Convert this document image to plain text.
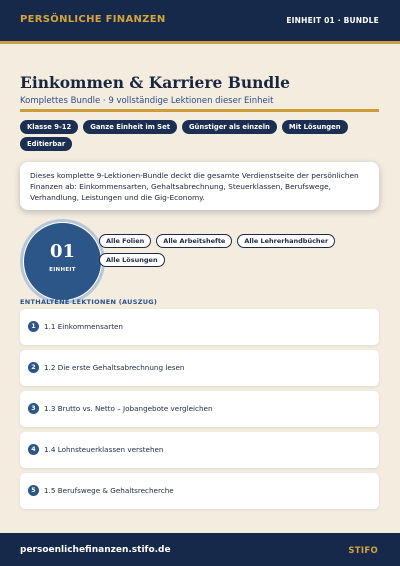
PERSÖNLICHE FINANZEN	EINHEIT 01 · BUNDLE
Einkommen & Karriere Bundle
Komplettes Bundle · 9 vollständige Lektionen dieser Einheit
Klasse 9-12	Ganze Einheit im Set	Günstiger als einzeln	Mit Lösungen
Editierbar
Dieses komplette 9-Lektionen-Bundle deckt die gesamte Verdienstseite der persönlichen Finanzen ab: Einkommensarten, Gehaltsabrechnung, Steuerklassen, Berufswege, Verhandlung, Leistungen und die Gig-Economy.
01
EINHEIT
Alle Folien	Alle Arbeitshefte	Alle Lehrerhandbücher
Alle Lösungen
ENTHALTENE LEKTIONEN (AUSZUG)
1	1.1 Einkommensarten
2	1.2 Die erste Gehaltsabrechnung lesen
3	1.3 Brutto vs. Netto – Jobangebote vergleichen
4	1.4 Lohnsteuerklassen verstehen
5	1.5 Berufswege & Gehaltsrecherche
persoenlichefinanzen.stifo.de	STIFO
